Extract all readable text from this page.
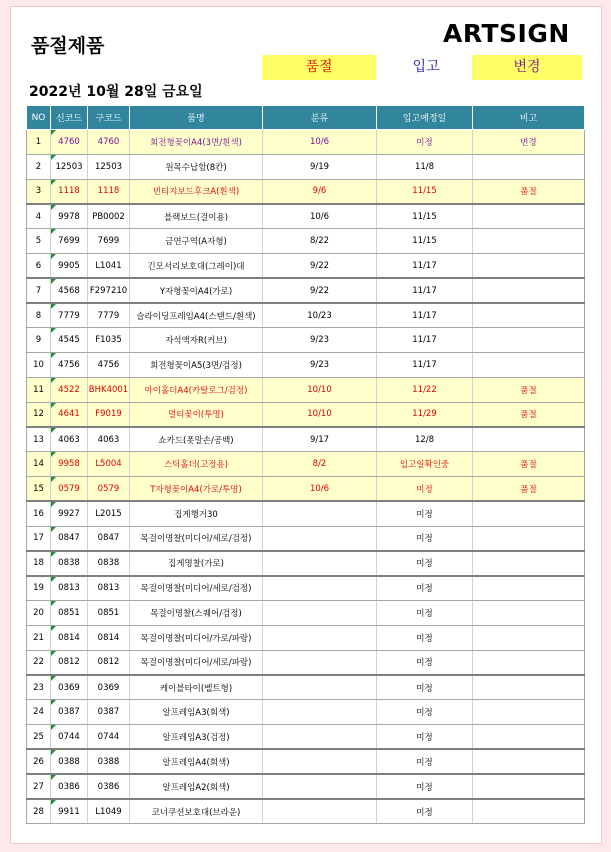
품절제품	ARTSIGN
품절	입고	변경
2022년 10월 28일 금요일
NO	신코드	구코드	품명	분류	입고예정일	비고
1	4760	4760	회전형꽂이A4(3면/흰색)	10/6	미정	변경
2	12503	12503	원목수납함(8칸)	9/19	11/8	
3	1118	1118	빈티지보드후크A(흰색)	9/6	11/15	품절
4	9978	PB0002	블랙보드(걸이용)	10/6	11/15	
5	7699	7699	금연구역(A자형)	8/22	11/15	
6	9905	L1041	긴모서리보호대(그레이)대	9/22	11/17	
7	4568	F297210	Y자형꽂이A4(가로)	9/22	11/17	
8	7779	7779	슬라이딩프레임A4(스탠드/흰색)	10/23	11/17	
9	4545	F1035	자석액자R(커브)	9/23	11/17	
10	4756	4756	회전형꽂이A5(3면/검정)	9/23	11/17	
11	4522	BHK4001	아이홀더A4(카탈로그/검정)	10/10	11/22	품절
12	4641	F9019	멀티꽂이(투명)	10/10	11/29	품절
13	4063	4063	쇼카드(폿말손/공백)	9/17	12/8	
14	9958	L5004	스틱홀더(고정용)	8/2	입고일확인중	품절
15	0579	0579	T자형꽂이A4(가로/투명)	10/6	미정	품절
16	9927	L2015	집게행거30		미정	
17	0847	0847	목걸이명찰(미디어/세로/검정)		미정	
18	0838	0838	집게명찰(가로)		미정	
19	0813	0813	목걸이명찰(미디어/세로/검정)		미정	
20	0851	0851	목걸이명찰(스퀘어/검정)		미정	
21	0814	0814	목걸이명찰(미디어/가로/파랑)		미정	
22	0812	0812	목걸이명찰(미디어/세로/파랑)		미정	
23	0369	0369	케이블타이(벨트형)		미정	
24	0387	0387	알프레임A3(회색)		미정	
25	0744	0744	알프레임A3(검정)		미정	
26	0388	0388	알프레임A4(회색)		미정	
27	0386	0386	알프레임A2(회색)		미정	
28	9911	L1049	코너쿠션보호대(브라운)		미정	
